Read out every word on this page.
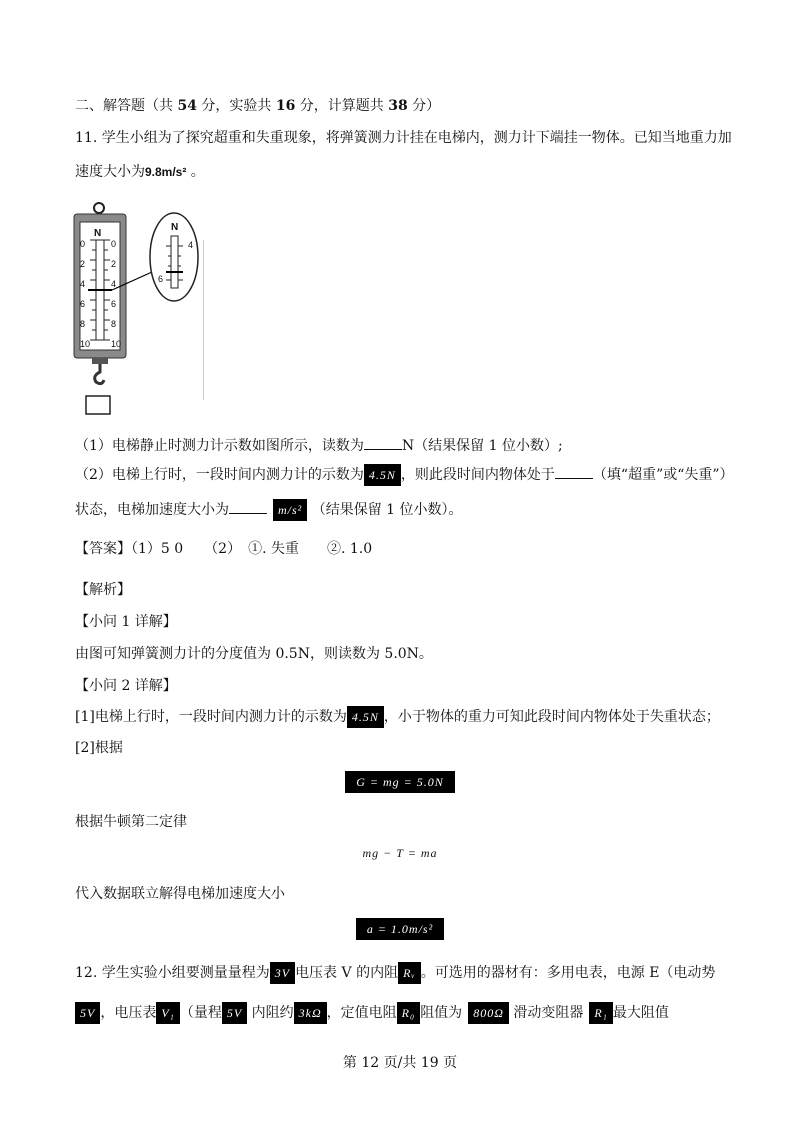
二、解答题（共 54 分，实验共 16 分，计算题共 38 分）
11. 学生小组为了探究超重和失重现象，将弹簧测力计挂在电梯内，测力计下端挂一物体。已知当地重力加
速度大小为9.8m/s² 。
N
0
2
4
6
8
10
0
2
4
6
8
10
N
4
6
（1）电梯静止时测力计示数如图所示，读数为	N（结果保留 1 位小数）;
（2）电梯上行时，一段时间内测力计的示数为 4.5N ，则此段时间内物体处于	（填“超重”或“失重”）
状态，电梯加速度大小为	m/s² （结果保留 1 位小数）。
【答案】（1）5 0　　（2）　①. 失重　　②. 1.0
【解析】
【小问 1 详解】
由图可知弹簧测力计的分度值为 0.5N，则读数为 5.0N。
【小问 2 详解】
[1]电梯上行时，一段时间内测力计的示数为 4.5N ，小于物体的重力可知此段时间内物体处于失重状态；
[2]根据
G = mg = 5.0N
根据牛顿第二定律
mg − T = ma
代入数据联立解得电梯加速度大小
a = 1.0m/s²
12. 学生实验小组要测量量程为 3V 电压表 V 的内阻 Rᵥ 。可选用的器材有：多用电表，电源 E（电动势
5V ，电压表 V₁ （量程 5V 内阻约 3kΩ ，定值电阻 R₀ 阻值为 800Ω 滑动变阻器 R₁ 最大阻值
第 12 页/共 19 页
